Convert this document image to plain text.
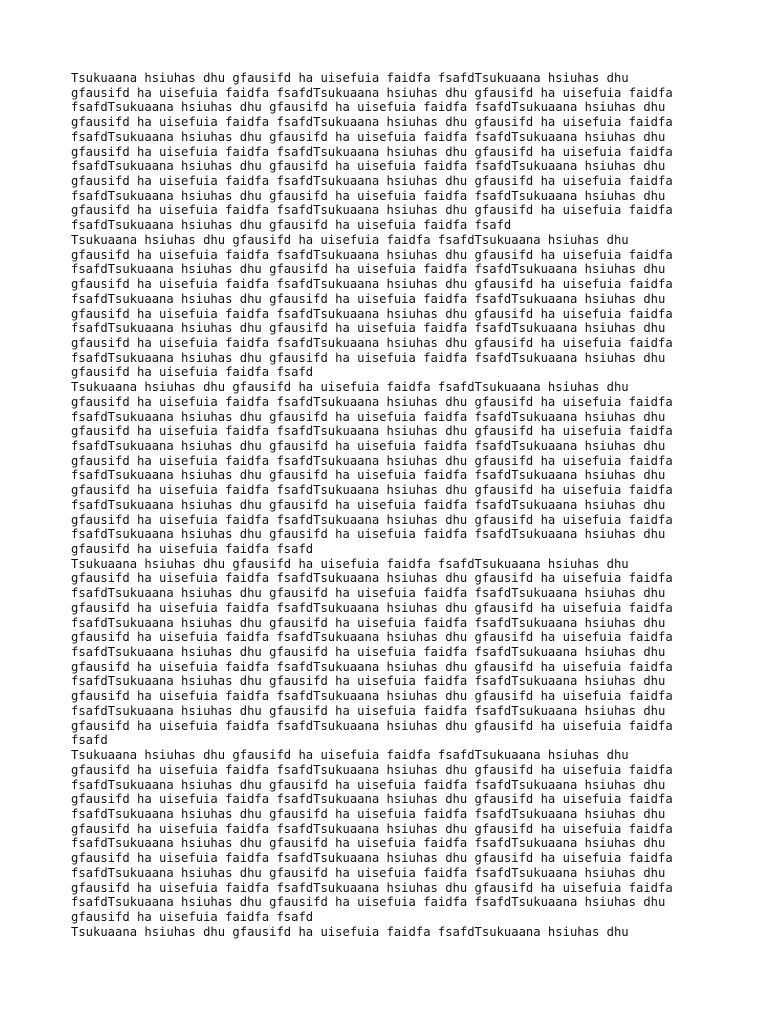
Tsukuaana hsiuhas dhu gfausifd ha uisefuia faidfa fsafdTsukuaana hsiuhas dhu
gfausifd ha uisefuia faidfa fsafdTsukuaana hsiuhas dhu gfausifd ha uisefuia faidfa
fsafdTsukuaana hsiuhas dhu gfausifd ha uisefuia faidfa fsafdTsukuaana hsiuhas dhu
gfausifd ha uisefuia faidfa fsafdTsukuaana hsiuhas dhu gfausifd ha uisefuia faidfa
fsafdTsukuaana hsiuhas dhu gfausifd ha uisefuia faidfa fsafdTsukuaana hsiuhas dhu
gfausifd ha uisefuia faidfa fsafdTsukuaana hsiuhas dhu gfausifd ha uisefuia faidfa
fsafdTsukuaana hsiuhas dhu gfausifd ha uisefuia faidfa fsafdTsukuaana hsiuhas dhu
gfausifd ha uisefuia faidfa fsafdTsukuaana hsiuhas dhu gfausifd ha uisefuia faidfa
fsafdTsukuaana hsiuhas dhu gfausifd ha uisefuia faidfa fsafdTsukuaana hsiuhas dhu
gfausifd ha uisefuia faidfa fsafdTsukuaana hsiuhas dhu gfausifd ha uisefuia faidfa
fsafdTsukuaana hsiuhas dhu gfausifd ha uisefuia faidfa fsafd
Tsukuaana hsiuhas dhu gfausifd ha uisefuia faidfa fsafdTsukuaana hsiuhas dhu
gfausifd ha uisefuia faidfa fsafdTsukuaana hsiuhas dhu gfausifd ha uisefuia faidfa
fsafdTsukuaana hsiuhas dhu gfausifd ha uisefuia faidfa fsafdTsukuaana hsiuhas dhu
gfausifd ha uisefuia faidfa fsafdTsukuaana hsiuhas dhu gfausifd ha uisefuia faidfa
fsafdTsukuaana hsiuhas dhu gfausifd ha uisefuia faidfa fsafdTsukuaana hsiuhas dhu
gfausifd ha uisefuia faidfa fsafdTsukuaana hsiuhas dhu gfausifd ha uisefuia faidfa
fsafdTsukuaana hsiuhas dhu gfausifd ha uisefuia faidfa fsafdTsukuaana hsiuhas dhu
gfausifd ha uisefuia faidfa fsafdTsukuaana hsiuhas dhu gfausifd ha uisefuia faidfa
fsafdTsukuaana hsiuhas dhu gfausifd ha uisefuia faidfa fsafdTsukuaana hsiuhas dhu
gfausifd ha uisefuia faidfa fsafd
Tsukuaana hsiuhas dhu gfausifd ha uisefuia faidfa fsafdTsukuaana hsiuhas dhu
gfausifd ha uisefuia faidfa fsafdTsukuaana hsiuhas dhu gfausifd ha uisefuia faidfa
fsafdTsukuaana hsiuhas dhu gfausifd ha uisefuia faidfa fsafdTsukuaana hsiuhas dhu
gfausifd ha uisefuia faidfa fsafdTsukuaana hsiuhas dhu gfausifd ha uisefuia faidfa
fsafdTsukuaana hsiuhas dhu gfausifd ha uisefuia faidfa fsafdTsukuaana hsiuhas dhu
gfausifd ha uisefuia faidfa fsafdTsukuaana hsiuhas dhu gfausifd ha uisefuia faidfa
fsafdTsukuaana hsiuhas dhu gfausifd ha uisefuia faidfa fsafdTsukuaana hsiuhas dhu
gfausifd ha uisefuia faidfa fsafdTsukuaana hsiuhas dhu gfausifd ha uisefuia faidfa
fsafdTsukuaana hsiuhas dhu gfausifd ha uisefuia faidfa fsafdTsukuaana hsiuhas dhu
gfausifd ha uisefuia faidfa fsafdTsukuaana hsiuhas dhu gfausifd ha uisefuia faidfa
fsafdTsukuaana hsiuhas dhu gfausifd ha uisefuia faidfa fsafdTsukuaana hsiuhas dhu
gfausifd ha uisefuia faidfa fsafd
Tsukuaana hsiuhas dhu gfausifd ha uisefuia faidfa fsafdTsukuaana hsiuhas dhu
gfausifd ha uisefuia faidfa fsafdTsukuaana hsiuhas dhu gfausifd ha uisefuia faidfa
fsafdTsukuaana hsiuhas dhu gfausifd ha uisefuia faidfa fsafdTsukuaana hsiuhas dhu
gfausifd ha uisefuia faidfa fsafdTsukuaana hsiuhas dhu gfausifd ha uisefuia faidfa
fsafdTsukuaana hsiuhas dhu gfausifd ha uisefuia faidfa fsafdTsukuaana hsiuhas dhu
gfausifd ha uisefuia faidfa fsafdTsukuaana hsiuhas dhu gfausifd ha uisefuia faidfa
fsafdTsukuaana hsiuhas dhu gfausifd ha uisefuia faidfa fsafdTsukuaana hsiuhas dhu
gfausifd ha uisefuia faidfa fsafdTsukuaana hsiuhas dhu gfausifd ha uisefuia faidfa
fsafdTsukuaana hsiuhas dhu gfausifd ha uisefuia faidfa fsafdTsukuaana hsiuhas dhu
gfausifd ha uisefuia faidfa fsafdTsukuaana hsiuhas dhu gfausifd ha uisefuia faidfa
fsafdTsukuaana hsiuhas dhu gfausifd ha uisefuia faidfa fsafdTsukuaana hsiuhas dhu
gfausifd ha uisefuia faidfa fsafdTsukuaana hsiuhas dhu gfausifd ha uisefuia faidfa
fsafd
Tsukuaana hsiuhas dhu gfausifd ha uisefuia faidfa fsafdTsukuaana hsiuhas dhu
gfausifd ha uisefuia faidfa fsafdTsukuaana hsiuhas dhu gfausifd ha uisefuia faidfa
fsafdTsukuaana hsiuhas dhu gfausifd ha uisefuia faidfa fsafdTsukuaana hsiuhas dhu
gfausifd ha uisefuia faidfa fsafdTsukuaana hsiuhas dhu gfausifd ha uisefuia faidfa
fsafdTsukuaana hsiuhas dhu gfausifd ha uisefuia faidfa fsafdTsukuaana hsiuhas dhu
gfausifd ha uisefuia faidfa fsafdTsukuaana hsiuhas dhu gfausifd ha uisefuia faidfa
fsafdTsukuaana hsiuhas dhu gfausifd ha uisefuia faidfa fsafdTsukuaana hsiuhas dhu
gfausifd ha uisefuia faidfa fsafdTsukuaana hsiuhas dhu gfausifd ha uisefuia faidfa
fsafdTsukuaana hsiuhas dhu gfausifd ha uisefuia faidfa fsafdTsukuaana hsiuhas dhu
gfausifd ha uisefuia faidfa fsafdTsukuaana hsiuhas dhu gfausifd ha uisefuia faidfa
fsafdTsukuaana hsiuhas dhu gfausifd ha uisefuia faidfa fsafdTsukuaana hsiuhas dhu
gfausifd ha uisefuia faidfa fsafd
Tsukuaana hsiuhas dhu gfausifd ha uisefuia faidfa fsafdTsukuaana hsiuhas dhu
